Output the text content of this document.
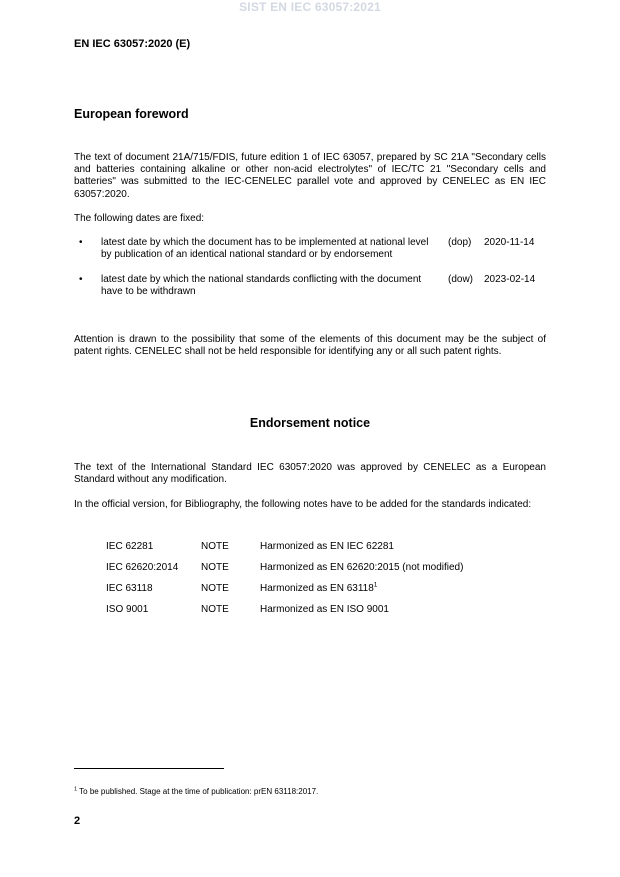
SIST EN IEC 63057:2021
EN IEC 63057:2020 (E)
European foreword
The text of document 21A/715/FDIS, future edition 1 of IEC 63057, prepared by SC 21A "Secondary cells and batteries containing alkaline or other non-acid electrolytes" of IEC/TC 21 "Secondary cells and batteries" was submitted to the IEC-CENELEC parallel vote and approved by CENELEC as EN IEC 63057:2020.
The following dates are fixed:
• latest date by which the document has to be implemented at national level by publication of an identical national standard or by endorsement
(dop) 2020-11-14
• latest date by which the national standards conflicting with the document have to be withdrawn
(dow) 2023-02-14
Attention is drawn to the possibility that some of the elements of this document may be the subject of patent rights. CENELEC shall not be held responsible for identifying any or all such patent rights.
Endorsement notice
The text of the International Standard IEC 63057:2020 was approved by CENELEC as a European Standard without any modification.
In the official version, for Bibliography, the following notes have to be added for the standards indicated:
IEC 62281	NOTE	Harmonized as EN IEC 62281
IEC 62620:2014 NOTE	Harmonized as EN 62620:2015 (not modified)
IEC 63118	NOTE	Harmonized as EN 63118$^1$
ISO 9001	NOTE	Harmonized as EN ISO 9001
$^1$ To be published. Stage at the time of publication: prEN 63118:2017.
2
